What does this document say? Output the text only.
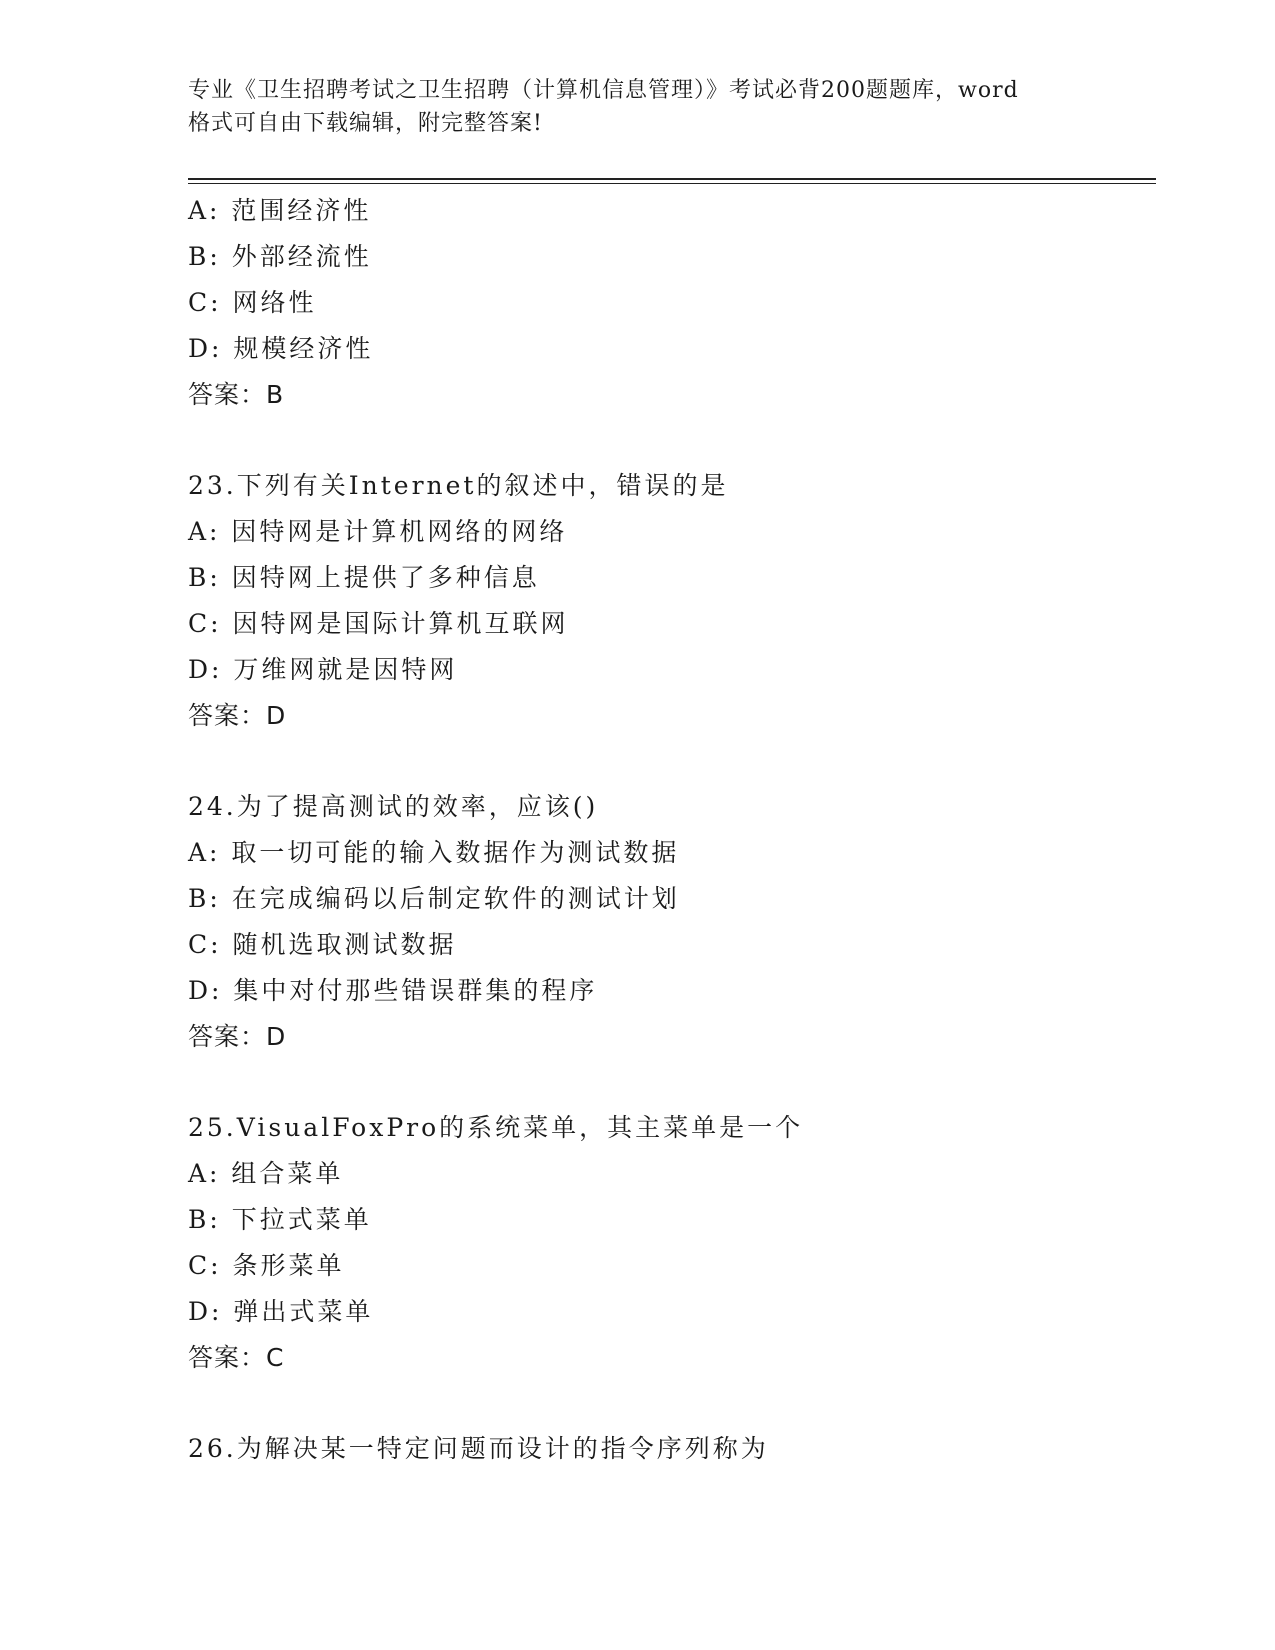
专业《卫生招聘考试之卫生招聘（计算机信息管理）》考试必背200题题库，word
格式可自由下载编辑，附完整答案!
A: 范围经济性
B: 外部经流性
C: 网络性
D: 规模经济性
答案：B
23.下列有关Internet的叙述中，错误的是
A: 因特网是计算机网络的网络
B: 因特网上提供了多种信息
C: 因特网是国际计算机互联网
D: 万维网就是因特网
答案：D
24.为了提高测试的效率，应该()
A: 取一切可能的输入数据作为测试数据
B: 在完成编码以后制定软件的测试计划
C: 随机选取测试数据
D: 集中对付那些错误群集的程序
答案：D
25.VisualFoxPro的系统菜单，其主菜单是一个
A: 组合菜单
B: 下拉式菜单
C: 条形菜单
D: 弹出式菜单
答案：C
26.为解决某一特定问题而设计的指令序列称为
